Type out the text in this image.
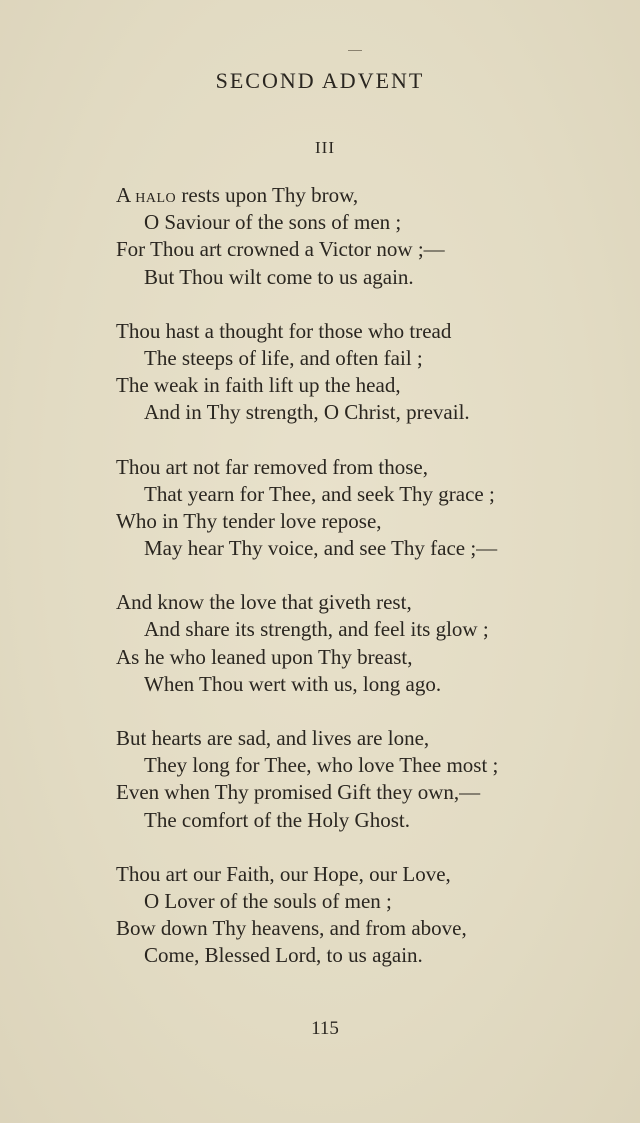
SECOND ADVENT
III
A halo rests upon Thy brow,
O Saviour of the sons of men ;
For Thou art crowned a Victor now ;—
But Thou wilt come to us again.
Thou hast a thought for those who tread
The steeps of life, and often fail ;
The weak in faith lift up the head,
And in Thy strength, O Christ, prevail.
Thou art not far removed from those,
That yearn for Thee, and seek Thy grace ;
Who in Thy tender love repose,
May hear Thy voice, and see Thy face ;—
And know the love that giveth rest,
And share its strength, and feel its glow ;
As he who leaned upon Thy breast,
When Thou wert with us, long ago.
But hearts are sad, and lives are lone,
They long for Thee, who love Thee most ;
Even when Thy promised Gift they own,—
The comfort of the Holy Ghost.
Thou art our Faith, our Hope, our Love,
O Lover of the souls of men ;
Bow down Thy heavens, and from above,
Come, Blessed Lord, to us again.
115
